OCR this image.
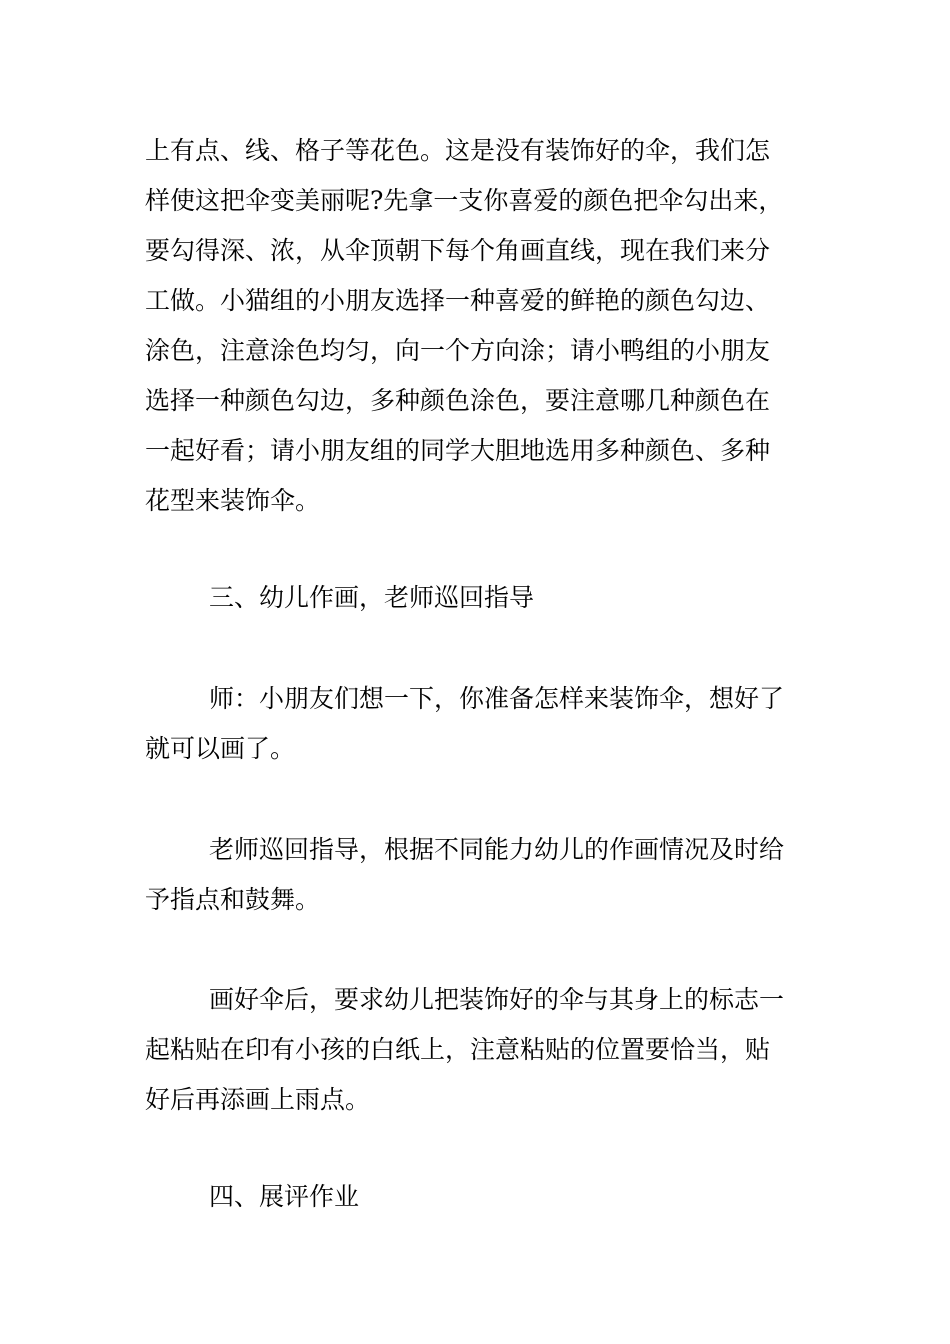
上有点、线、格子等花色。这是没有装饰好的伞，我们怎
样使这把伞变美丽呢?先拿一支你喜爱的颜色把伞勾出来，
要勾得深、浓，从伞顶朝下每个角画直线，现在我们来分
工做。小猫组的小朋友选择一种喜爱的鲜艳的颜色勾边、
涂色，注意涂色均匀，向一个方向涂；请小鸭组的小朋友
选择一种颜色勾边，多种颜色涂色，要注意哪几种颜色在
一起好看；请小朋友组的同学大胆地选用多种颜色、多种
花型来装饰伞。

三、幼儿作画，老师巡回指导

师：小朋友们想一下，你准备怎样来装饰伞，想好了
就可以画了。

老师巡回指导，根据不同能力幼儿的作画情况及时给
予指点和鼓舞。

画好伞后，要求幼儿把装饰好的伞与其身上的标志一
起粘贴在印有小孩的白纸上，注意粘贴的位置要恰当，贴
好后再添画上雨点。

四、展评作业
